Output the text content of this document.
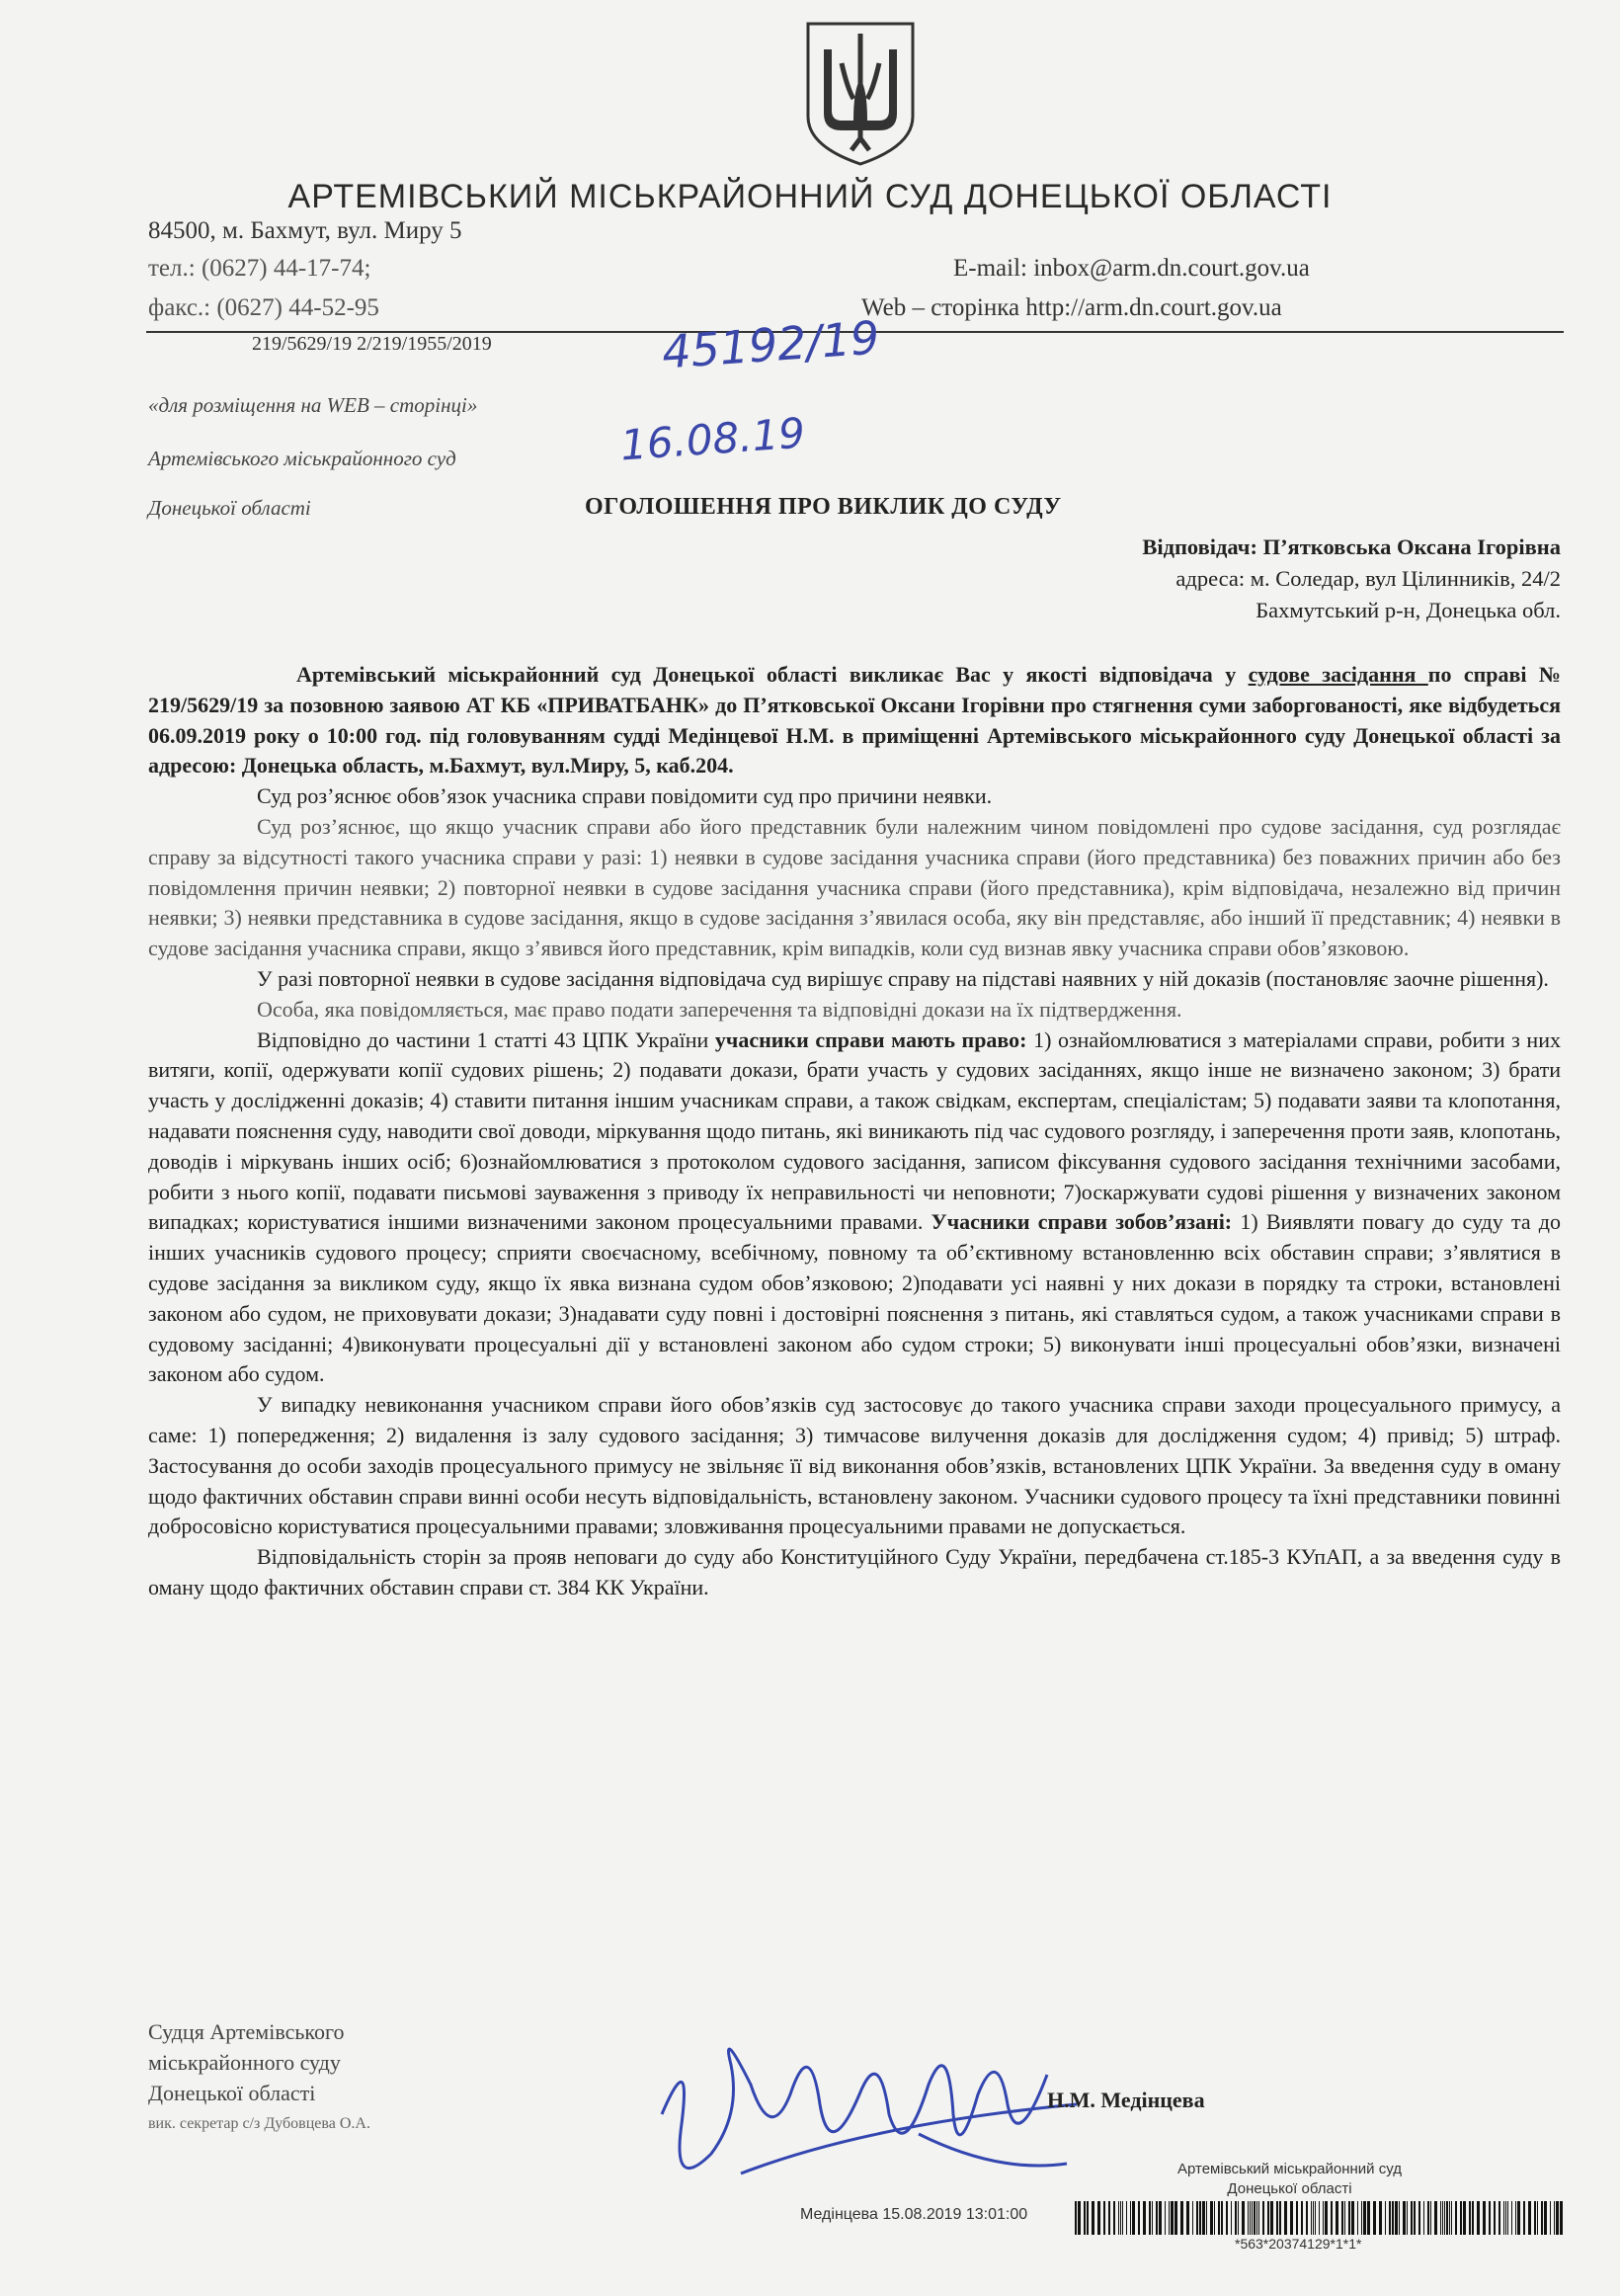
АРТЕМІВСЬКИЙ МІСЬКРАЙОННИЙ СУД ДОНЕЦЬКОЇ ОБЛАСТІ
84500, м. Бахмут, вул. Миру 5
тел.: (0627) 44-17-74;
факс.: (0627) 44-52-95
E-mail: inbox@arm.dn.court.gov.ua
Web – сторінка http://arm.dn.court.gov.ua
219/5629/19 2/219/1955/2019	45192/19
16.08.19
«для розміщення на WEB – сторінці»
Артемівського міськрайонного суд
Донецької області	ОГОЛОШЕННЯ ПРО ВИКЛИК ДО СУДУ
Відповідач: П’ятковська Оксана Ігорівна
адреса: м. Соледар, вул Цілинників, 24/2
Бахмутський р-н, Донецька обл.

Артемівський міськрайонний суд Донецької області викликає Вас у якості відповідача у судове засідання по справі № 219/5629/19 за позовною заявою АТ КБ «ПРИВАТБАНК» до П’ятковської Оксани Ігорівни про стягнення суми заборгованості, яке відбудеться 06.09.2019 року о 10:00 год. під головуванням судді Медінцевої Н.М. в приміщенні Артемівського міськрайонного суду Донецької області за адресою: Донецька область, м.Бахмут, вул.Миру, 5, каб.204.

Суд роз’яснює обов’язок учасника справи повідомити суд про причини неявки.

Суд роз’яснює, що якщо учасник справи або його представник були належним чином повідомлені про судове засідання, суд розглядає справу за відсутності такого учасника справи у разі: 1) неявки в судове засідання учасника справи (його представника) без поважних причин або без повідомлення причин неявки; 2) повторної неявки в судове засідання учасника справи (його представника), крім відповідача, незалежно від причин неявки; 3) неявки представника в судове засідання, якщо в судове засідання з’явилася особа, яку він представляє, або інший її представник; 4) неявки в судове засідання учасника справи, якщо з’явився його представник, крім випадків, коли суд визнав явку учасника справи обов’язковою.

У разі повторної неявки в судове засідання відповідача суд вирішує справу на підставі наявних у ній доказів (постановляє заочне рішення).

Особа, яка повідомляється, має право подати заперечення та відповідні докази на їх підтвердження.

Відповідно до частини 1 статті 43 ЦПК України учасники справи мають право: 1) ознайомлюватися з матеріалами справи, робити з них витяги, копії, одержувати копії судових рішень; 2) подавати докази, брати участь у судових засіданнях, якщо інше не визначено законом; 3) брати участь у дослідженні доказів; 4) ставити питання іншим учасникам справи, а також свідкам, експертам, спеціалістам; 5) подавати заяви та клопотання, надавати пояснення суду, наводити свої доводи, міркування щодо питань, які виникають під час судового розгляду, і заперечення проти заяв, клопотань, доводів і міркувань інших осіб; 6)ознайомлюватися з протоколом судового засідання, записом фіксування судового засідання технічними засобами, робити з нього копії, подавати письмові зауваження з приводу їх неправильності чи неповноти; 7)оскаржувати судові рішення у визначених законом випадках; користуватися іншими визначеними законом процесуальними правами. Учасники справи зобов’язані: 1) Виявляти повагу до суду та до інших учасників судового процесу; сприяти своєчасному, всебічному, повному та об’єктивному встановленню всіх обставин справи; з’являтися в судове засідання за викликом суду, якщо їх явка визнана судом обов’язковою; 2)подавати усі наявні у них докази в порядку та строки, встановлені законом або судом, не приховувати докази; 3)надавати суду повні і достовірні пояснення з питань, які ставляться судом, а також учасниками справи в судовому засіданні; 4)виконувати процесуальні дії у встановлені законом або судом строки; 5) виконувати інші процесуальні обов’язки, визначені законом або судом.

У випадку невиконання учасником справи його обов’язків суд застосовує до такого учасника справи заходи процесуального примусу, а саме: 1) попередження; 2) видалення із залу судового засідання; 3) тимчасове вилучення доказів для дослідження судом; 4) привід; 5) штраф. Застосування до особи заходів процесуального примусу не звільняє її від виконання обов’язків, встановлених ЦПК України. За введення суду в оману щодо фактичних обставин справи винні особи несуть відповідальність, встановлену законом. Учасники судового процесу та їхні представники повинні добросовісно користуватися процесуальними правами; зловживання процесуальними правами не допускається.

Відповідальність сторін за прояв неповаги до суду або Конституційного Суду України, передбачена ст.185-3 КУпАП, а за введення суду в оману щодо фактичних обставин справи ст. 384 КК України.

Судця Артемівського
міськрайонного суду
Донецької області
вик. секретар с/з Дубовцева О.А.
Н.М. Медінцева
Артемівський міськрайонний суд
Донецької області
Медінцева 15.08.2019 13:01:00
*563*20374129*1*1*
